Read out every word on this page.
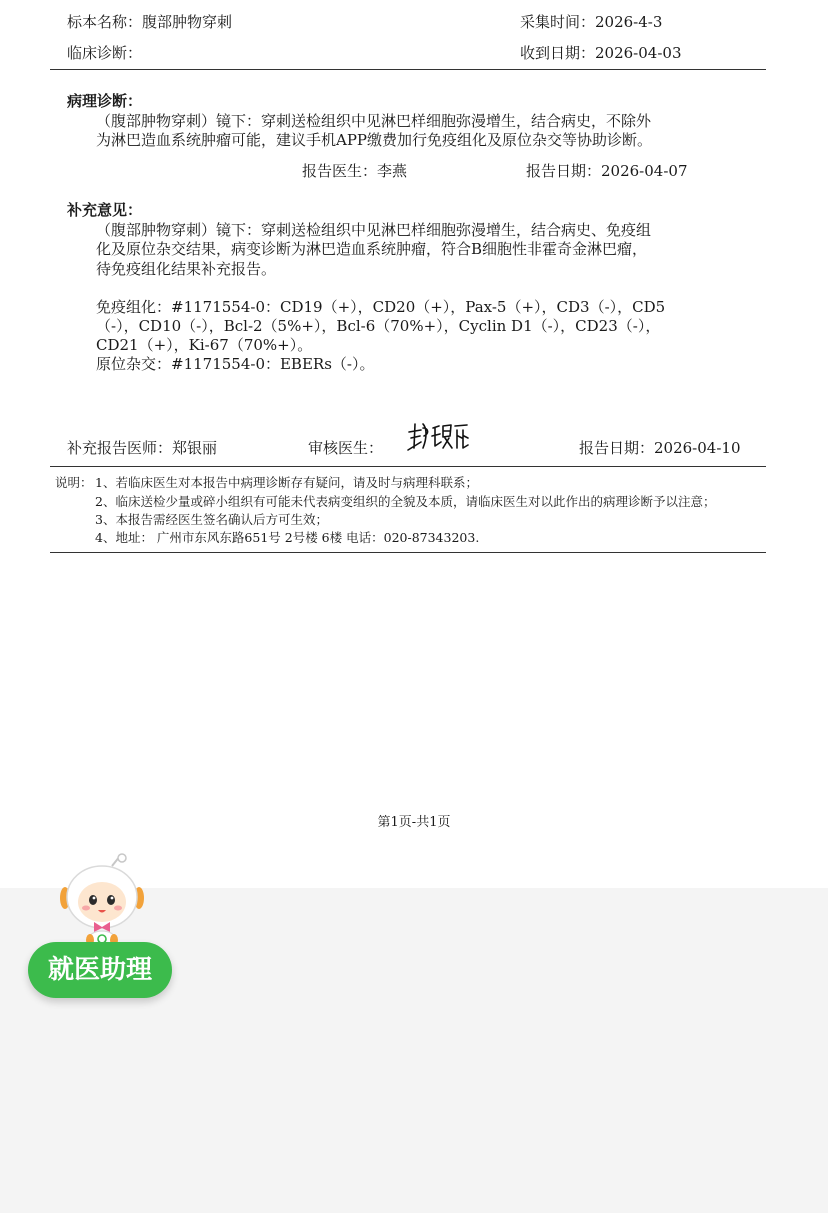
标本名称：腹部肿物穿刺	采集时间：2026-4-3
临床诊断：	收到日期：2026-04-03
病理诊断：
（腹部肿物穿刺）镜下：穿刺送检组织中见淋巴样细胞弥漫增生，结合病史，不除外
为淋巴造血系统肿瘤可能，建议手机APP缴费加行免疫组化及原位杂交等协助诊断。
报告医生：李燕	报告日期：2026-04-07
补充意见：
（腹部肿物穿刺）镜下：穿刺送检组织中见淋巴样细胞弥漫增生，结合病史、免疫组
化及原位杂交结果，病变诊断为淋巴造血系统肿瘤，符合B细胞性非霍奇金淋巴瘤，
待免疫组化结果补充报告。
免疫组化：#1171554-0：CD19（+），CD20（+），Pax-5（+），CD3（-），CD5
（-），CD10（-），Bcl-2（5%+），Bcl-6（70%+），Cyclin D1（-），CD23（-），
CD21（+），Ki-67（70%+）。
原位杂交：#1171554-0：EBERs（-）。
补充报告医师：郑银丽	审核医生：	报告日期：2026-04-10
说明： 1、若临床医生对本报告中病理诊断存有疑问，请及时与病理科联系；
2、临床送检少量或碎小组织有可能未代表病变组织的全貌及本质，请临床医生对以此作出的病理诊断予以注意；
3、本报告需经医生签名确认后方可生效；
4、地址： 广州市东风东路651号 2号楼 6楼 电话：020-87343203.
第1页-共1页
就医助理
